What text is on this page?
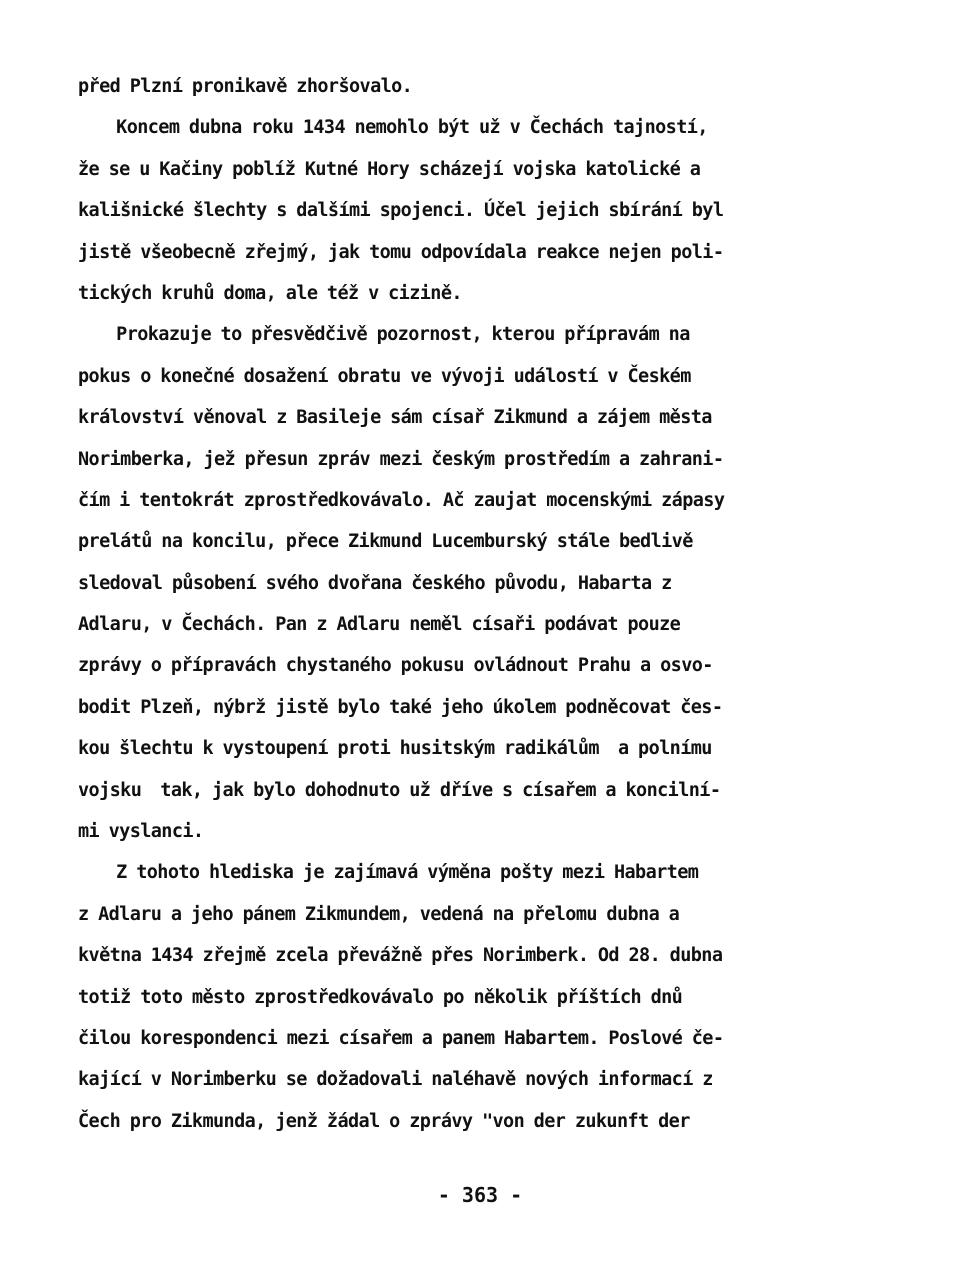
před Plzní pronikavě zhoršovalo.
Koncem dubna roku 1434 nemohlo být už v Čechách tajností,
že se u Kačiny poblíž Kutné Hory scházejí vojska katolické a
kališnické šlechty s dalšími spojenci. Účel jejich sbírání byl
jistě všeobecně zřejmý, jak tomu odpovídala reakce nejen poli-
tických kruhů doma, ale též v cizině.
Prokazuje to přesvědčivě pozornost, kterou přípravám na
pokus o konečné dosažení obratu ve vývoji událostí v Českém
království věnoval z Basileje sám císař Zikmund a zájem města
Norimberka, jež přesun zpráv mezi českým prostředím a zahrani-
čím i tentokrát zprostředkovávalo. Ač zaujat mocenskými zápasy
prelátů na koncilu, přece Zikmund Lucemburský stále bedlivě
sledoval působení svého dvořana českého původu, Habarta z
Adlaru, v Čechách. Pan z Adlaru neměl císaři podávat pouze
zprávy o přípravách chystaného pokusu ovládnout Prahu a osvo-
bodit Plzeň, nýbrž jistě bylo také jeho úkolem podněcovat čes-
kou šlechtu k vystoupení proti husitským radikálům  a polnímu
vojsku  tak, jak bylo dohodnuto už dříve s císařem a koncilní-
mi vyslanci.
Z tohoto hlediska je zajímavá výměna pošty mezi Habartem
z Adlaru a jeho pánem Zikmundem, vedená na přelomu dubna a
května 1434 zřejmě zcela převážně přes Norimberk. Od 28. dubna
totiž toto město zprostředkovávalo po několik příštích dnů
čilou korespondenci mezi císařem a panem Habartem. Poslové če-
kající v Norimberku se dožadovali naléhavě nových informací z
Čech pro Zikmunda, jenž žádal o zprávy "von der zukunft der
- 363 -
